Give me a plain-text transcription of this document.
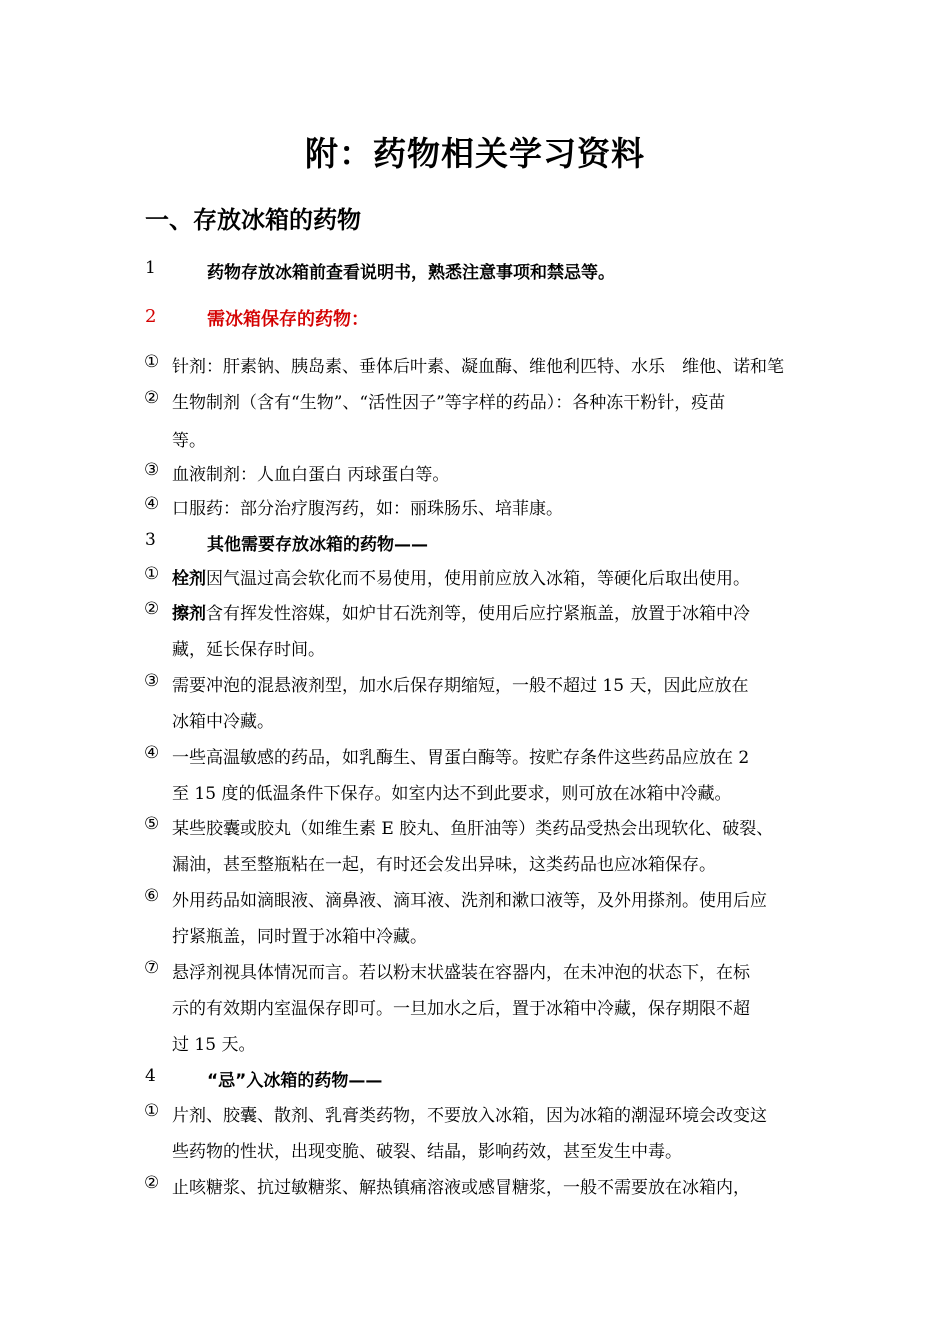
附：药物相关学习资料
一、存放冰箱的药物
1	药物存放冰箱前查看说明书，熟悉注意事项和禁忌等。
2	需冰箱保存的药物：
① 针剂：肝素钠、胰岛素、垂体后叶素、凝血酶、维他利匹特、水乐　维他、诺和笔
② 生物制剂（含有“生物”、“活性因子”等字样的药品）：各种冻干粉针，疫苗
等。
③ 血液制剂：人血白蛋白 丙球蛋白等。
④ 口服药：部分治疗腹泻药，如：丽珠肠乐、培菲康。
3	其他需要存放冰箱的药物——
① 栓剂因气温过高会软化而不易使用，使用前应放入冰箱，等硬化后取出使用。
② 擦剂含有挥发性溶媒，如炉甘石洗剂等，使用后应拧紧瓶盖，放置于冰箱中冷
藏，延长保存时间。
③ 需要冲泡的混悬液剂型，加水后保存期缩短，一般不超过 15 天，因此应放在
冰箱中冷藏。
④ 一些高温敏感的药品，如乳酶生、胃蛋白酶等。按贮存条件这些药品应放在 2
至 15 度的低温条件下保存。如室内达不到此要求，则可放在冰箱中冷藏。
⑤ 某些胶囊或胶丸（如维生素 E 胶丸、鱼肝油等）类药品受热会出现软化、破裂、
漏油，甚至整瓶粘在一起，有时还会发出异味，这类药品也应冰箱保存。
⑥ 外用药品如滴眼液、滴鼻液、滴耳液、洗剂和漱口液等，及外用搽剂。使用后应
拧紧瓶盖，同时置于冰箱中冷藏。
⑦ 悬浮剂视具体情况而言。若以粉末状盛装在容器内，在未冲泡的状态下，在标
示的有效期内室温保存即可。一旦加水之后，置于冰箱中冷藏，保存期限不超
过 15 天。
4	“忌”入冰箱的药物——
① 片剂、胶囊、散剂、乳膏类药物，不要放入冰箱，因为冰箱的潮湿环境会改变这
些药物的性状，出现变脆、破裂、结晶，影响药效，甚至发生中毒。
② 止咳糖浆、抗过敏糖浆、解热镇痛溶液或感冒糖浆，一般不需要放在冰箱内，
